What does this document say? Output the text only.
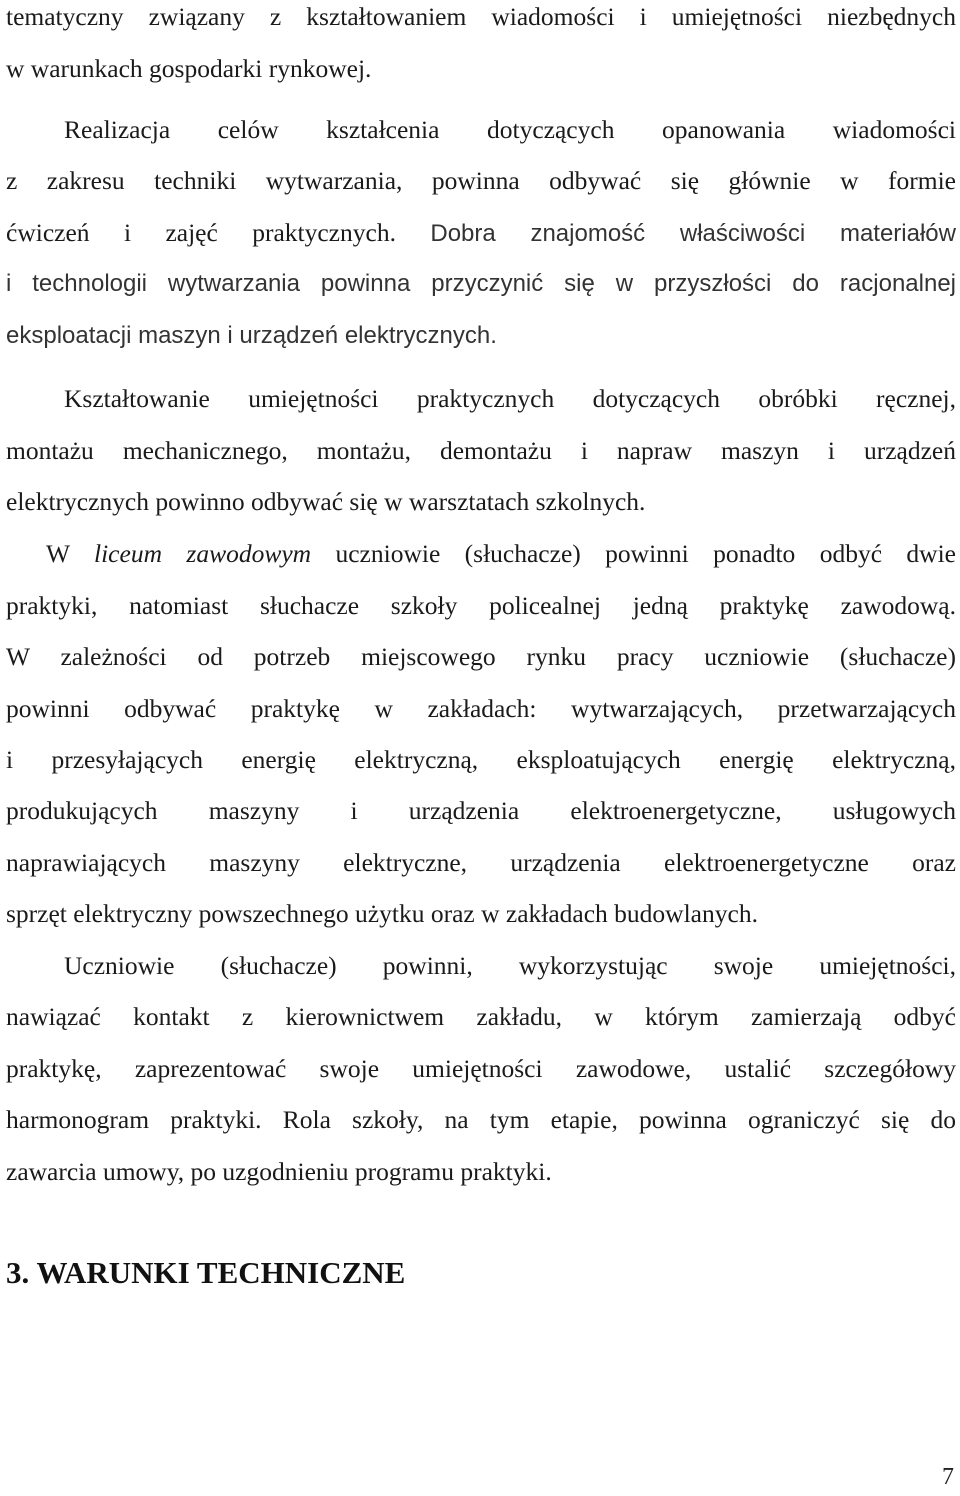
tematyczny związany z kształtowaniem wiadomości i umiejętności niezbędnych
w warunkach gospodarki rynkowej.
Realizacja celów kształcenia dotyczących opanowania wiadomości
z zakresu techniki wytwarzania, powinna odbywać się głównie w formie
ćwiczeń i zajęć praktycznych. Dobra znajomość właściwości materiałów
i technologii wytwarzania powinna przyczynić się w przyszłości do racjonalnej
eksploatacji maszyn i urządzeń elektrycznych.
Kształtowanie umiejętności praktycznych dotyczących obróbki ręcznej,
montażu mechanicznego, montażu, demontażu i napraw maszyn i urządzeń
elektrycznych powinno odbywać się w warsztatach szkolnych.
W liceum zawodowym uczniowie (słuchacze) powinni ponadto odbyć dwie
praktyki, natomiast słuchacze szkoły policealnej jedną praktykę zawodową.
W zależności od potrzeb miejscowego rynku pracy uczniowie (słuchacze)
powinni odbywać praktykę w zakładach: wytwarzających, przetwarzających
i przesyłających energię elektryczną, eksploatujących energię elektryczną,
produkujących maszyny i urządzenia elektroenergetyczne, usługowych
naprawiających maszyny elektryczne, urządzenia elektroenergetyczne oraz
sprzęt elektryczny powszechnego użytku oraz w zakładach budowlanych.
Uczniowie (słuchacze) powinni, wykorzystując swoje umiejętności,
nawiązać kontakt z kierownictwem zakładu, w którym zamierzają odbyć
praktykę, zaprezentować swoje umiejętności zawodowe, ustalić szczegółowy
harmonogram praktyki. Rola szkoły, na tym etapie, powinna ograniczyć się do
zawarcia umowy, po uzgodnieniu programu praktyki.
3. WARUNKI TECHNICZNE
7
